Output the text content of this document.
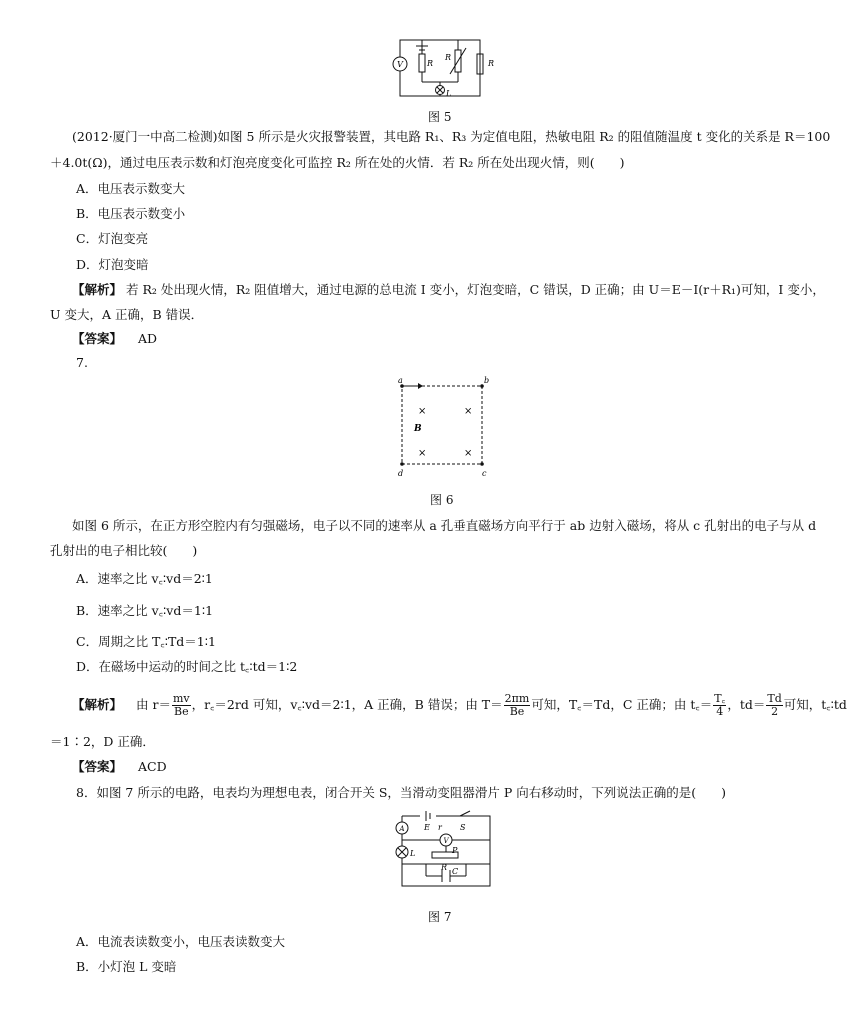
V	R
R
R
L
图 5
(2012·厦门一中高二检测)如图 5 所示是火灾报警装置，其电路 R₁、R₃ 为定值电阻，热敏电阻 R₂ 的阻值随温度 t 变化的关系是 R＝100
＋4.0t(Ω)，通过电压表示数和灯泡亮度变化可监控 R₂ 所在处的火情．若 R₂ 所在处出现火情，则(　　)
A．电压表示数变大
B．电压表示数变小
C．灯泡变亮
D．灯泡变暗
【解析】 若 R₂ 处出现火情，R₂ 阻值增大，通过电源的总电流 I 变小，灯泡变暗，C 错误，D 正确；由 U＝E－I(r＋R₁)可知，I 变小，
U 变大，A 正确，B 错误．
【答案】 AD
7.
a	b
c
d
B
×	×
×	×
图 6
如图 6 所示，在正方形空腔内有匀强磁场，电子以不同的速率从 a 孔垂直磁场方向平行于 ab 边射入磁场，将从 c 孔射出的电子与从 d
孔射出的电子相比较(　　)
A．速率之比 v꜀∶vd＝2∶1
B．速率之比 v꜀∶vd＝1∶1
C．周期之比 T꜀∶Td＝1∶1
D．在磁场中运动的时间之比 t꜀∶td＝1∶2
【解析】 由 $r= \frac{mv}{Be}$ ，r꜀＝2rd 可知，v꜀∶vd＝2∶1，A 正确，B 错误；由 $T= \frac{2\pi m}{Be}$ 可知，T꜀＝Td，C 正确；由 t꜀＝ $\frac{T꜀}{4}$ ，$td= \frac{Td}{2}$ 可知，t꜀∶td
＝1∶2，D 正确．
【答案】 ACD
8．如图 7 所示的电路，电表均为理想电表，闭合开关 S，当滑动变阻器滑片 P 向右移动时，下列说法正确的是(　　)
A
V
L
E r S
P
R C
图 7
A．电流表读数变小，电压表读数变大
B．小灯泡 L 变暗
